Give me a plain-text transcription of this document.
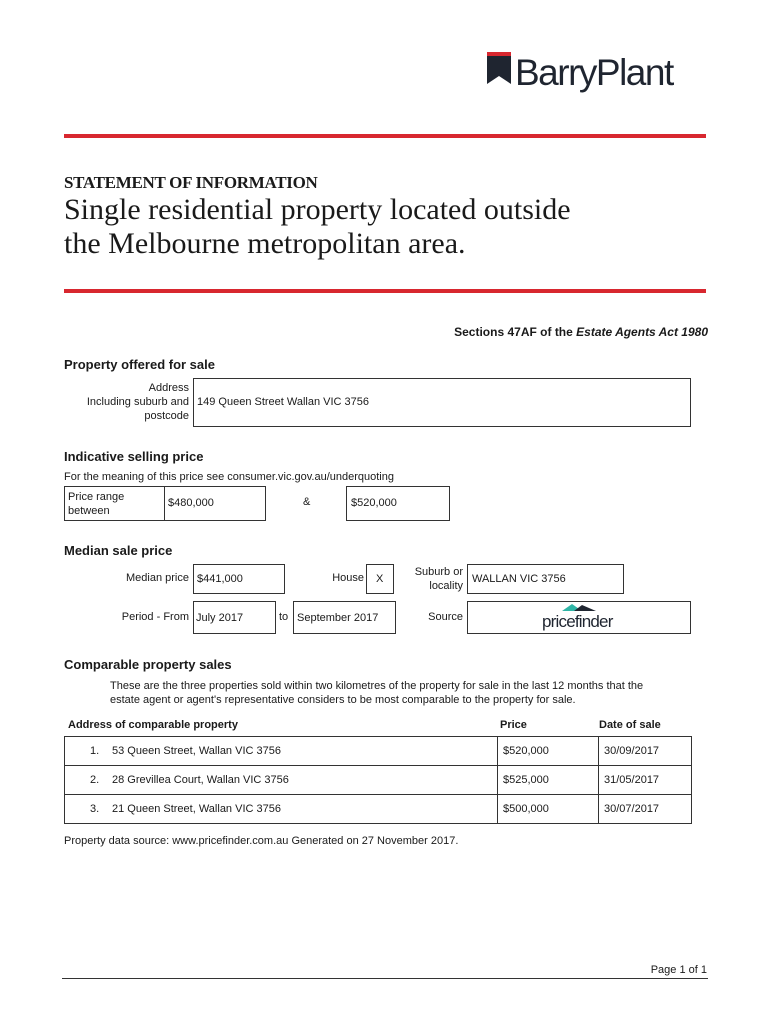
BarryPlant
STATEMENT OF INFORMATION
Single residential property located outside
the Melbourne metropolitan area.
Sections 47AF of the Estate Agents Act 1980
Property offered for sale
Address
Including suburb and
postcode
149 Queen Street Wallan VIC 3756
Indicative selling price
For the meaning of this price see consumer.vic.gov.au/underquoting
Price range
between
$480,000	&	$520,000
Median sale price
Median price $441,000	House X
Suburb or
locality
WALLAN VIC 3756
Period - From July 2017	to September 2017	Source	pricefinder
Comparable property sales
These are the three properties sold within two kilometres of the property for sale in the last 12 months that the
estate agent or agent's representative considers to be most comparable to the property for sale.
Address of comparable property	Price	Date of sale
1. 53 Queen Street, Wallan VIC 3756	$520,000	30/09/2017
2. 28 Grevillea Court, Wallan VIC 3756	$525,000	31/05/2017
3. 21 Queen Street, Wallan VIC 3756	$500,000	30/07/2017
Property data source: www.pricefinder.com.au Generated on 27 November 2017.
Page 1 of 1
